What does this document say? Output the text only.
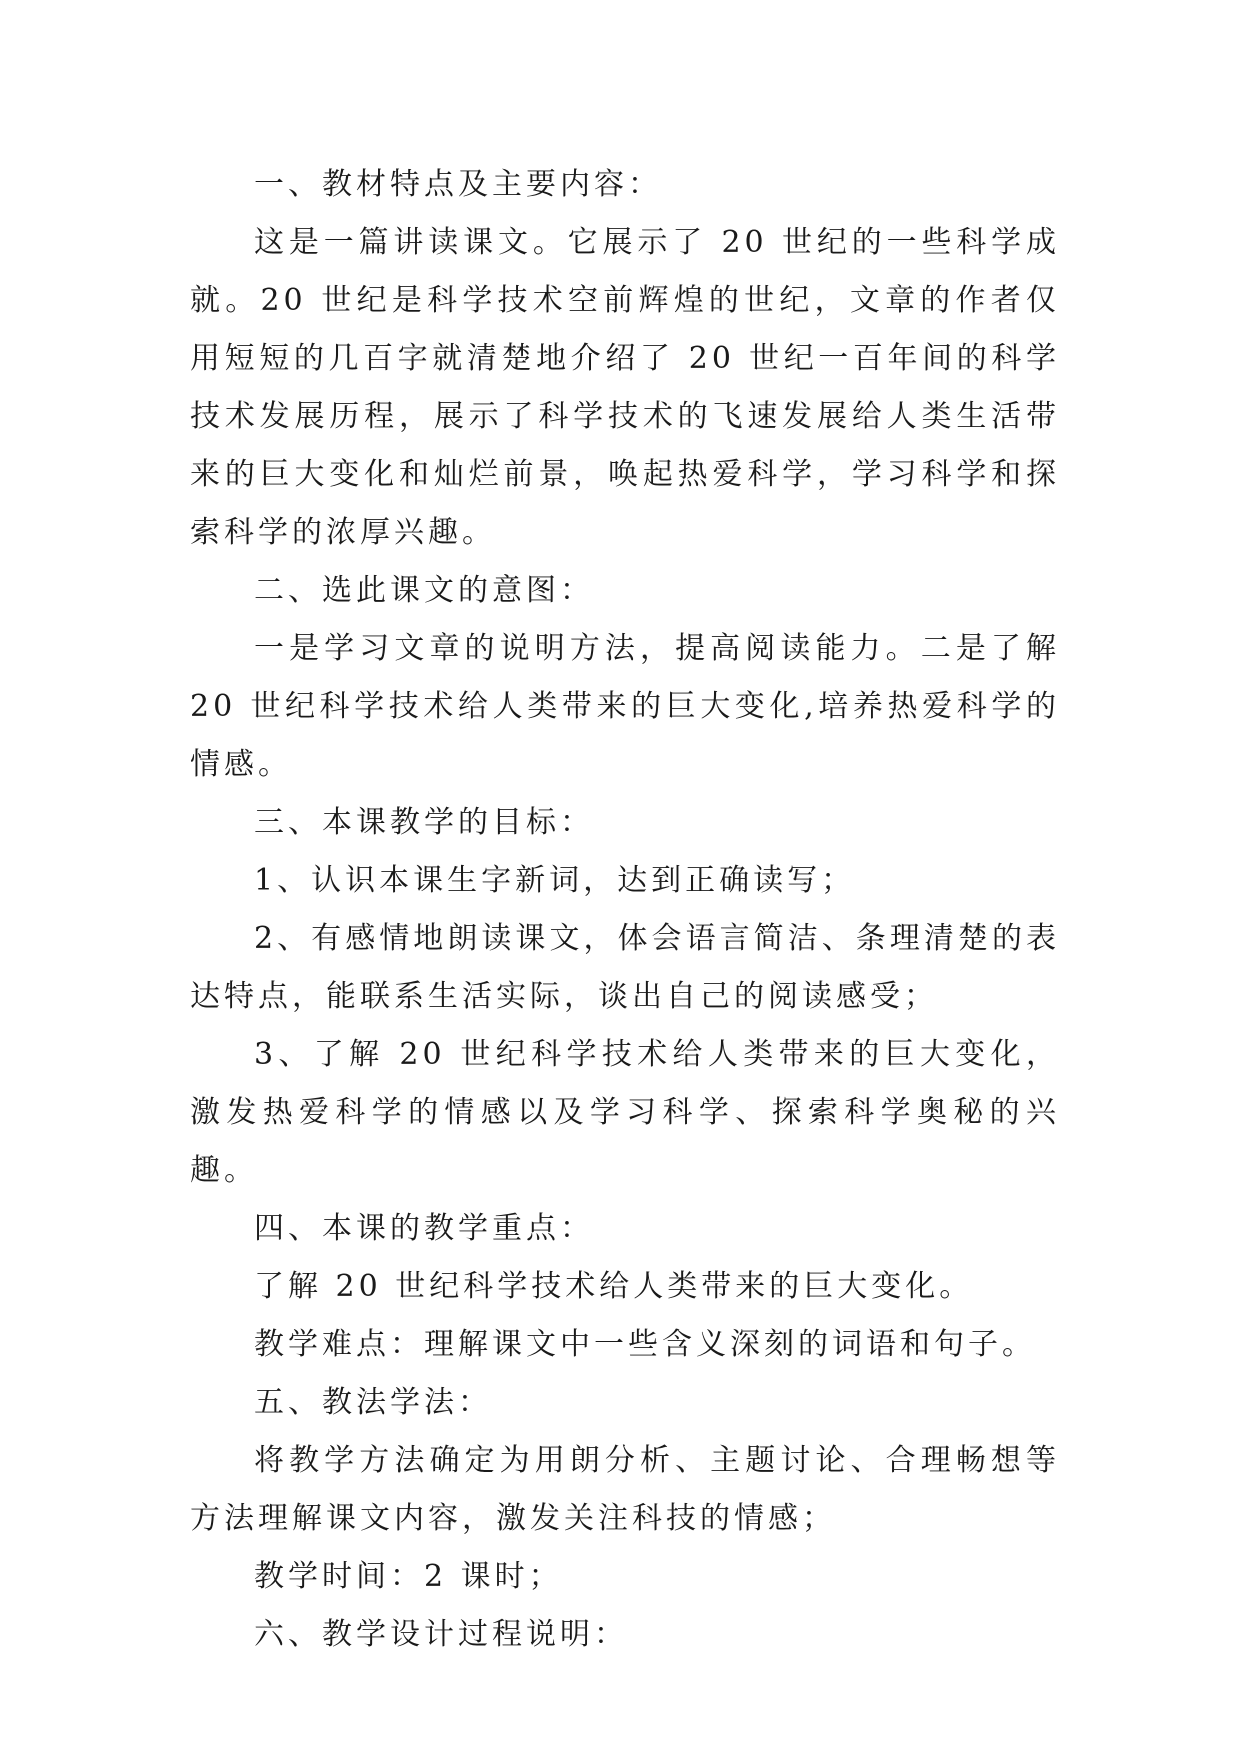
一、教材特点及主要内容：

这是一篇讲读课文。它展示了 20 世纪的一些科学成就。20 世纪是科学技术空前辉煌的世纪，文章的作者仅用短短的几百字就清楚地介绍了 20 世纪一百年间的科学技术发展历程，展示了科学技术的飞速发展给人类生活带来的巨大变化和灿烂前景，唤起热爱科学，学习科学和探索科学的浓厚兴趣。

二、选此课文的意图：

一是学习文章的说明方法，提高阅读能力。二是了解 20 世纪科学技术给人类带来的巨大变化,培养热爱科学的情感。

三、本课教学的目标：

1、认识本课生字新词，达到正确读写；

2、有感情地朗读课文，体会语言简洁、条理清楚的表达特点，能联系生活实际，谈出自己的阅读感受；

3、了解 20 世纪科学技术给人类带来的巨大变化，激发热爱科学的情感以及学习科学、探索科学奥秘的兴趣。

四、本课的教学重点：

了解 20 世纪科学技术给人类带来的巨大变化。

教学难点：理解课文中一些含义深刻的词语和句子。

五、教法学法：

将教学方法确定为用朗分析、主题讨论、合理畅想等方法理解课文内容，激发关注科技的情感；

教学时间：2 课时；

六、教学设计过程说明：
